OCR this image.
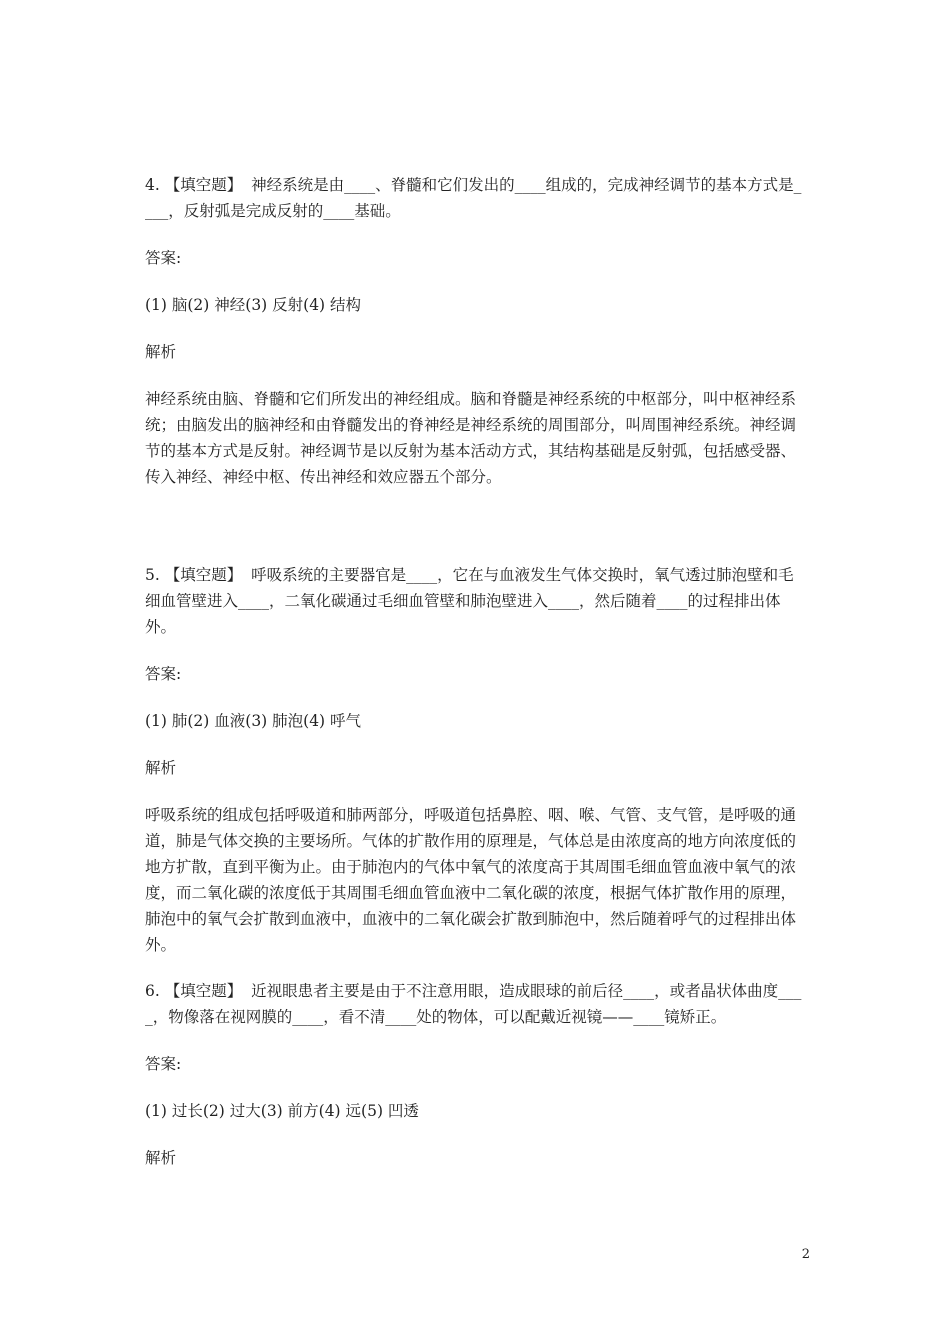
4. 【填空题】 神经系统是由____、脊髓和它们发出的____组成的，完成神经调节的基本方式是____，反射弧是完成反射的____基础。

答案:

(1) 脑(2) 神经(3) 反射(4) 结构

解析

神经系统由脑、脊髓和它们所发出的神经组成。脑和脊髓是神经系统的中枢部分，叫中枢神经系统；由脑发出的脑神经和由脊髓发出的脊神经是神经系统的周围部分，叫周围神经系统。神经调节的基本方式是反射。神经调节是以反射为基本活动方式，其结构基础是反射弧，包括感受器、传入神经、神经中枢、传出神经和效应器五个部分。

5. 【填空题】 呼吸系统的主要器官是____，它在与血液发生气体交换时，氧气透过肺泡壁和毛细血管壁进入____，二氧化碳通过毛细血管壁和肺泡壁进入____，然后随着____的过程排出体外。

答案:

(1) 肺(2) 血液(3) 肺泡(4) 呼气

解析

呼吸系统的组成包括呼吸道和肺两部分，呼吸道包括鼻腔、咽、喉、气管、支气管，是呼吸的通道，肺是气体交换的主要场所。气体的扩散作用的原理是，气体总是由浓度高的地方向浓度低的地方扩散，直到平衡为止。由于肺泡内的气体中氧气的浓度高于其周围毛细血管血液中氧气的浓度，而二氧化碳的浓度低于其周围毛细血管血液中二氧化碳的浓度，根据气体扩散作用的原理，肺泡中的氧气会扩散到血液中，血液中的二氧化碳会扩散到肺泡中，然后随着呼气的过程排出体外。

6. 【填空题】 近视眼患者主要是由于不注意用眼，造成眼球的前后径____，或者晶状体曲度____，物像落在视网膜的____，看不清____处的物体，可以配戴近视镜——____镜矫正。

答案:

(1) 过长(2) 过大(3) 前方(4) 远(5) 凹透

解析

2
